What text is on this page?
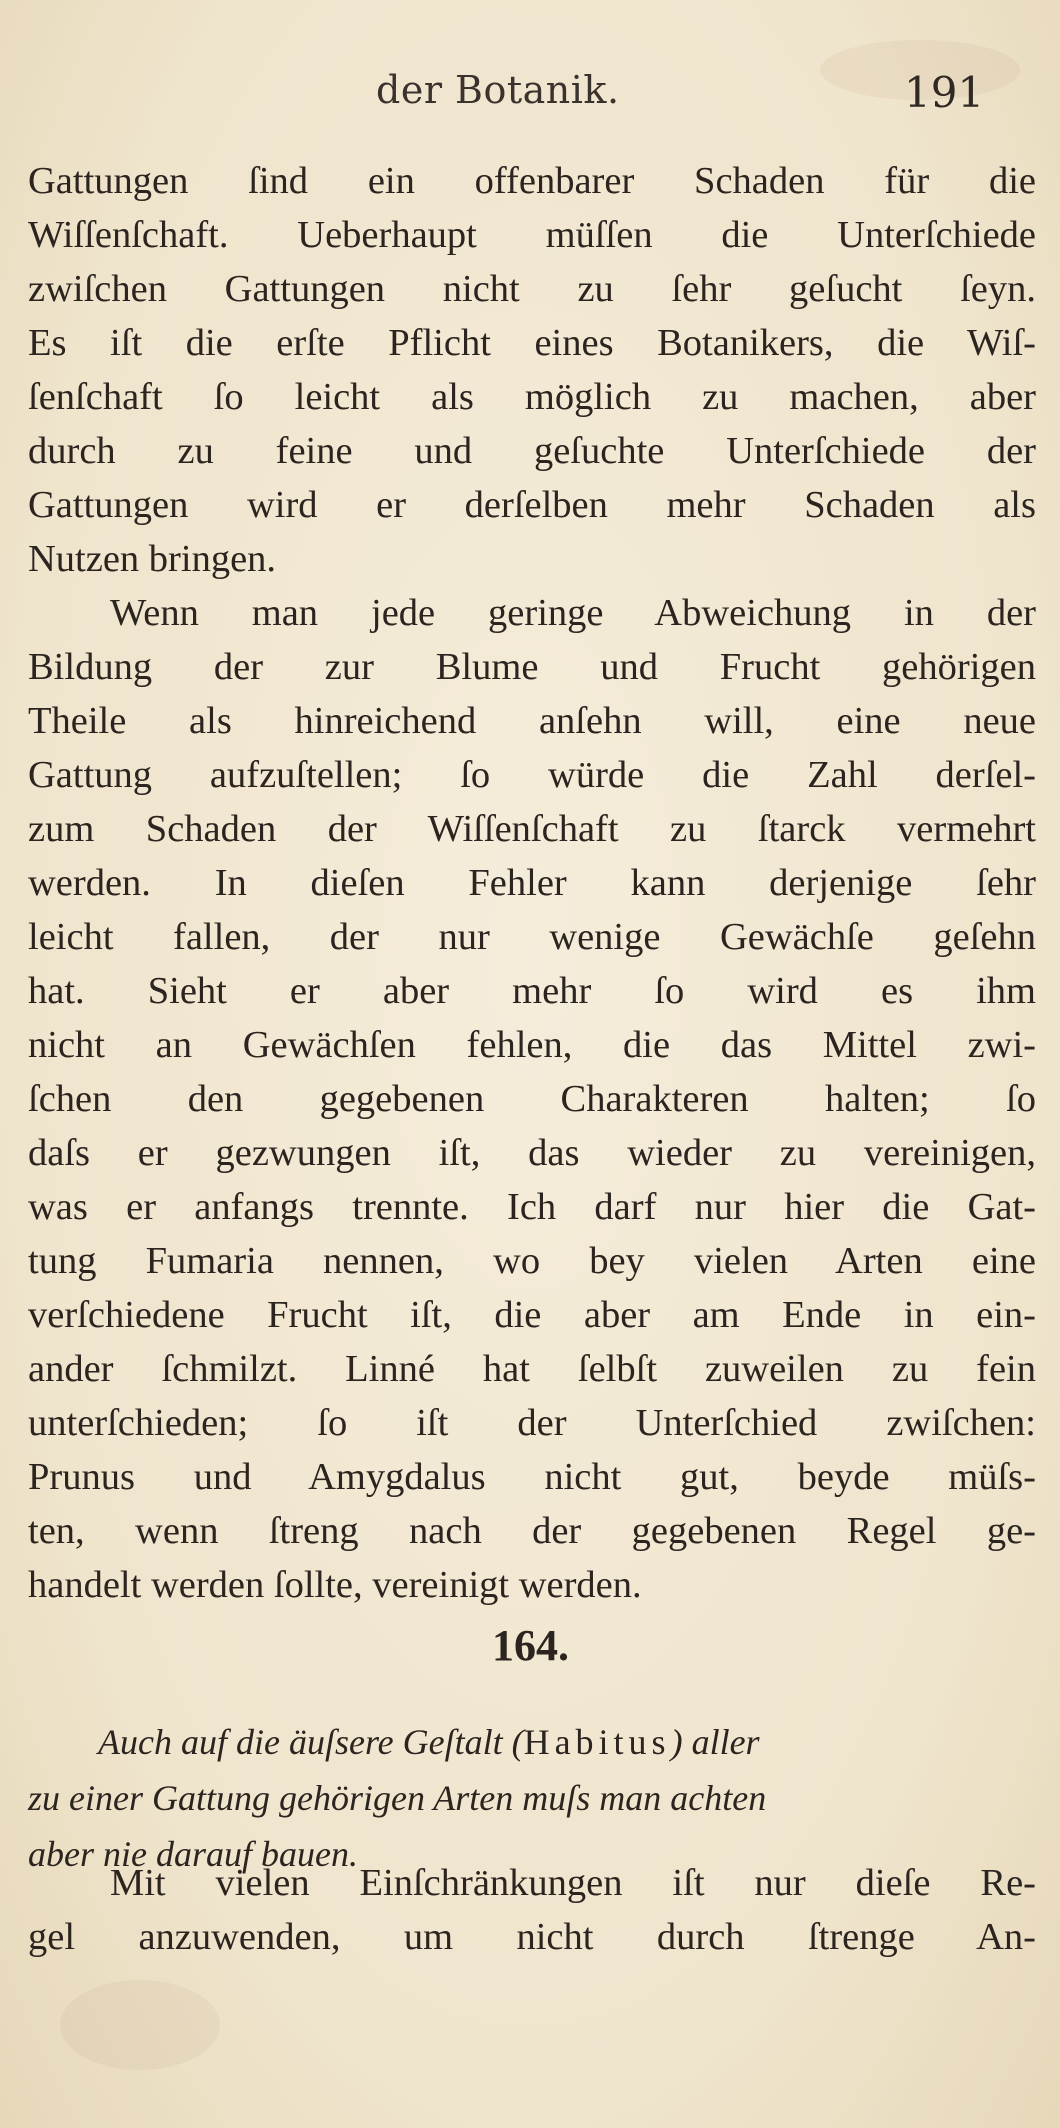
der Botanik.	191
Gattungen ſind ein offenbarer Schaden für die
Wiſſenſchaft. Ueberhaupt müſſen die Unterſchiede
zwiſchen Gattungen nicht zu ſehr geſucht ſeyn.
Es iſt die erſte Pflicht eines Botanikers, die Wiſ-
ſenſchaft ſo leicht als möglich zu machen, aber
durch zu feine und geſuchte Unterſchiede der
Gattungen wird er derſelben mehr Schaden als
Nutzen bringen.
Wenn man jede geringe Abweichung in der
Bildung der zur Blume und Frucht gehörigen
Theile als hinreichend anſehn will, eine neue
Gattung aufzuſtellen; ſo würde die Zahl derſel-
zum Schaden der Wiſſenſchaft zu ſtarck vermehrt
werden. In dieſen Fehler kann derjenige ſehr
leicht fallen, der nur wenige Gewächſe geſehn
hat. Sieht er aber mehr ſo wird es ihm
nicht an Gewächſen fehlen, die das Mittel zwi-
ſchen den gegebenen Charakteren halten; ſo
daſs er gezwungen iſt, das wieder zu vereinigen,
was er anfangs trennte. Ich darf nur hier die Gat-
tung Fumaria nennen, wo bey vielen Arten eine
verſchiedene Frucht iſt, die aber am Ende in ein-
ander ſchmilzt. Linné hat ſelbſt zuweilen zu fein
unterſchieden; ſo iſt der Unterſchied zwiſchen:
Prunus und Amygdalus nicht gut, beyde müſs-
ten, wenn ſtreng nach der gegebenen Regel ge-
handelt werden ſollte, vereinigt werden.
164.
Auch auf die äuſsere Geſtalt (Habitus) aller
zu einer Gattung gehörigen Arten muſs man achten
aber nie darauf bauen.
Mit vielen Einſchränkungen iſt nur dieſe Re-
gel anzuwenden, um nicht durch ſtrenge An-
